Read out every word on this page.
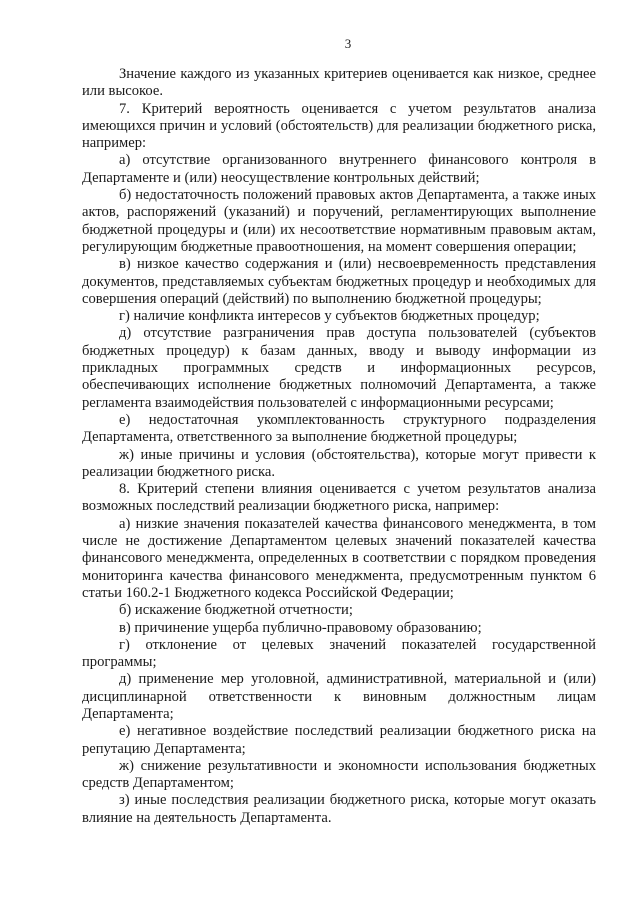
3

Значение каждого из указанных критериев оценивается как низкое, среднее или высокое.

7. Критерий вероятность оценивается с учетом результатов анализа имеющихся причин и условий (обстоятельств) для реализации бюджетного риска, например:

а) отсутствие организованного внутреннего финансового контроля в Департаменте и (или) неосуществление контрольных действий;

б) недостаточность положений правовых актов Департамента, а также иных актов, распоряжений (указаний) и поручений, регламентирующих выполнение бюджетной процедуры и (или) их несоответствие нормативным правовым актам, регулирующим бюджетные правоотношения, на момент совершения операции;

в) низкое качество содержания и (или) несвоевременность представления документов, представляемых субъектам бюджетных процедур и необходимых для совершения операций (действий) по выполнению бюджетной процедуры;

г) наличие конфликта интересов у субъектов бюджетных процедур;

д) отсутствие разграничения прав доступа пользователей (субъектов бюджетных процедур) к базам данных, вводу и выводу информации из прикладных программных средств и информационных ресурсов, обеспечивающих исполнение бюджетных полномочий Департамента, а также регламента взаимодействия пользователей с информационными ресурсами;

е) недостаточная укомплектованность структурного подразделения Департамента, ответственного за выполнение бюджетной процедуры;

ж) иные причины и условия (обстоятельства), которые могут привести к реализации бюджетного риска.

8. Критерий степени влияния оценивается с учетом результатов анализа возможных последствий реализации бюджетного риска, например:

а) низкие значения показателей качества финансового менеджмента, в том числе не достижение Департаментом целевых значений показателей качества финансового менеджмента, определенных в соответствии с порядком проведения мониторинга качества финансового менеджмента, предусмотренным пунктом 6 статьи 160.2-1 Бюджетного кодекса Российской Федерации;

б) искажение бюджетной отчетности;

в) причинение ущерба публично-правовому образованию;

г) отклонение от целевых значений показателей государственной программы;

д) применение мер уголовной, административной, материальной и (или) дисциплинарной ответственности к виновным должностным лицам Департамента;

е) негативное воздействие последствий реализации бюджетного риска на репутацию Департамента;

ж) снижение результативности и экономности использования бюджетных средств Департаментом;

з) иные последствия реализации бюджетного риска, которые могут оказать влияние на деятельность Департамента.
